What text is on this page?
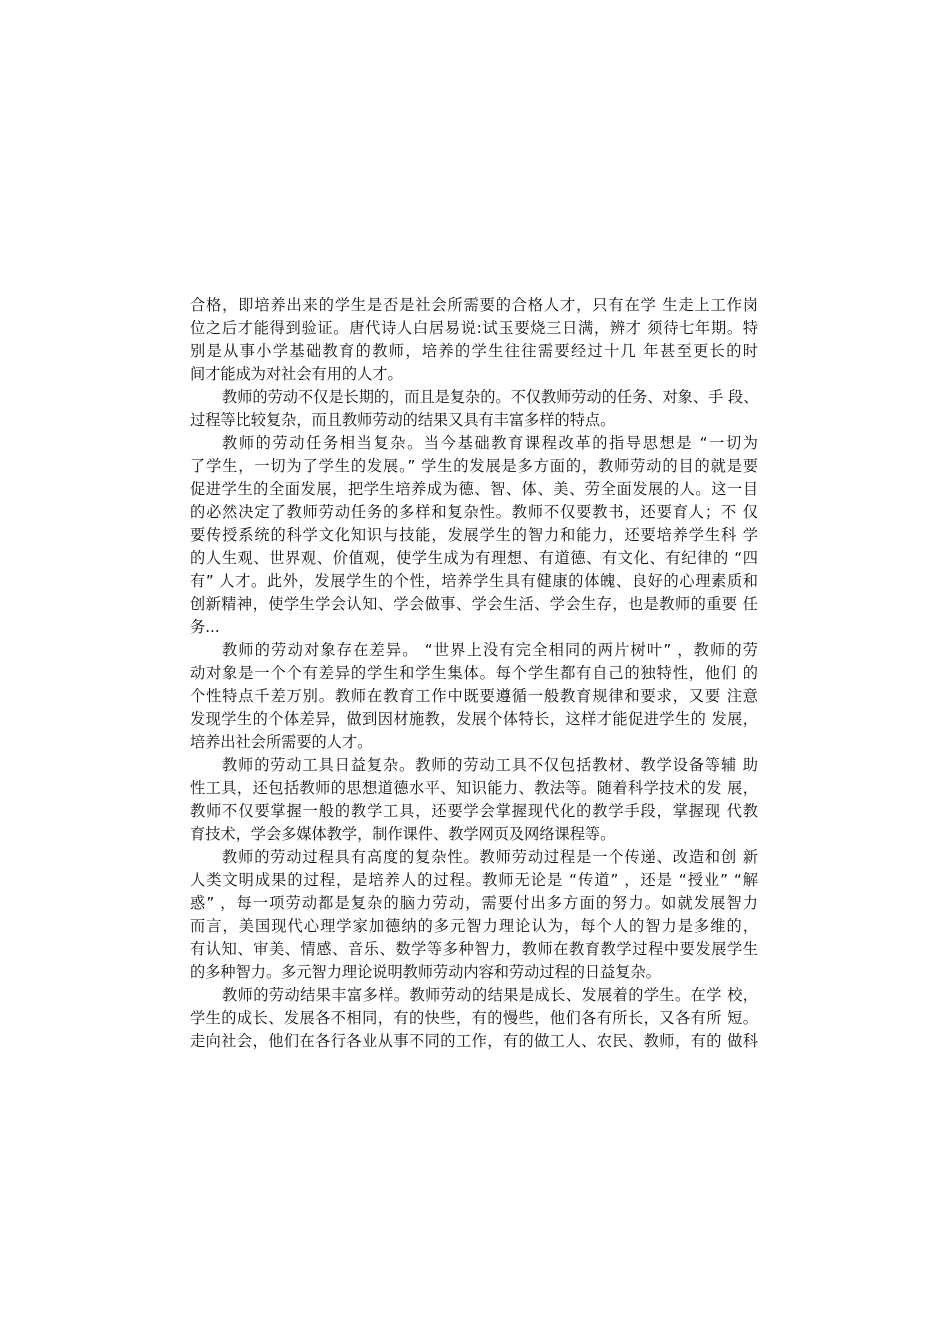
合格，即培养出来的学生是否是社会所需要的合格人才，只有在学 生走上工作岗
位之后才能得到验证。唐代诗人白居易说:试玉要烧三日满，辨才 须待七年期。特
别是从事小学基础教育的教师，培养的学生往往需要经过十几 年甚至更长的时
间才能成为对社会有用的人才。
教师的劳动不仅是长期的，而且是复杂的。不仅教师劳动的任务、对象、手 段、
过程等比较复杂，而且教师劳动的结果又具有丰富多样的特点。
教师的劳动任务相当复杂。当今基础教育课程改革的指导思想是 “一切为
了学生，一切为了学生的发展。” 学生的发展是多方面的，教师劳动的目的就是要
促进学生的全面发展，把学生培养成为德、智、体、美、劳全面发展的人。这一目
的必然决定了教师劳动任务的多样和复杂性。教师不仅要教书，还要育人；不 仅
要传授系统的科学文化知识与技能，发展学生的智力和能力，还要培养学生科 学
的人生观、世界观、价值观，使学生成为有理想、有道德、有文化、有纪律的 “四
有” 人才。此外，发展学生的个性，培养学生具有健康的体魄、良好的心理素质和
创新精神，使学生学会认知、学会做事、学会生活、学会生存，也是教师的重要 任
务...
教师的劳动对象存在差异。 “世界上没有完全相同的两片树叶” ，教师的劳
动对象是一个个有差异的学生和学生集体。每个学生都有自己的独特性，他们 的
个性特点千差万别。教师在教育工作中既要遵循一般教育规律和要求，又要 注意
发现学生的个体差异，做到因材施教，发展个体特长，这样才能促进学生的 发展，
培养出社会所需要的人才。
教师的劳动工具日益复杂。教师的劳动工具不仅包括教材、教学设备等辅 助
性工具，还包括教师的思想道德水平、知识能力、教法等。随着科学技术的发 展，
教师不仅要掌握一般的教学工具，还要学会掌握现代化的教学手段，掌握现 代教
育技术，学会多媒体教学，制作课件、教学网页及网络课程等。
教师的劳动过程具有高度的复杂性。教师劳动过程是一个传递、改造和创 新
人类文明成果的过程，是培养人的过程。教师无论是 “传道” ，还是 “授业” “解
惑” ，每一项劳动都是复杂的脑力劳动，需要付出多方面的努力。如就发展智力
而言，美国现代心理学家加德纳的多元智力理论认为，每个人的智力是多维的，
有认知、审美、情感、音乐、数学等多种智力，教师在教育教学过程中要发展学生
的多种智力。多元智力理论说明教师劳动内容和劳动过程的日益复杂。
教师的劳动结果丰富多样。教师劳动的结果是成长、发展着的学生。在学 校，
学生的成长、发展各不相同，有的快些，有的慢些，他们各有所长，又各有所 短。
走向社会，他们在各行各业从事不同的工作，有的做工人、农民、教师，有的 做科
